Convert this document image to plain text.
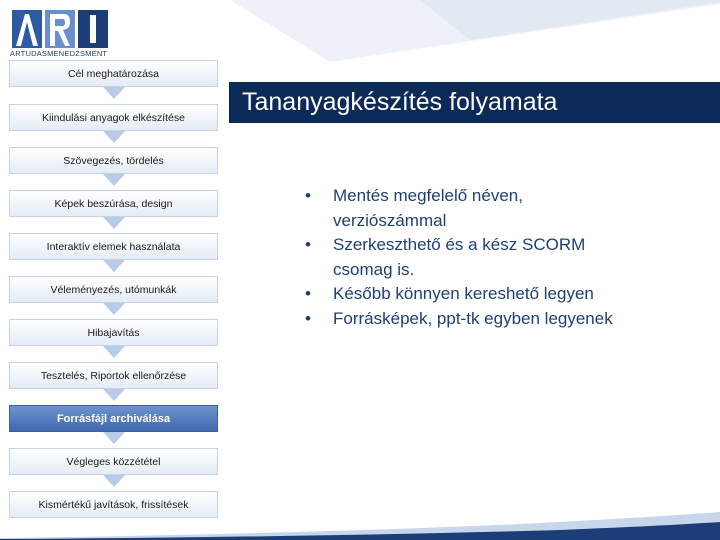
ARTUDASMENEDZSMENT
Cél meghatározása
Kiindulási anyagok elkészítése
Szövegezés, tördelés
Képek beszúrása, design
Interaktív elemek használata
Véleményezés, utómunkák
Hibajavítás
Tesztelés, Riportok ellenőrzése
Forrásfájl archiválása
Végleges közzététel
Kismértékű javítások, frissítések
Tananyagkészítés folyamata
• Mentés megfelelő néven,
verziószámmal
• Szerkeszthető és a kész SCORM
csomag is.
• Később könnyen kereshető legyen
• Forrásképek, ppt-tk egyben legyenek
